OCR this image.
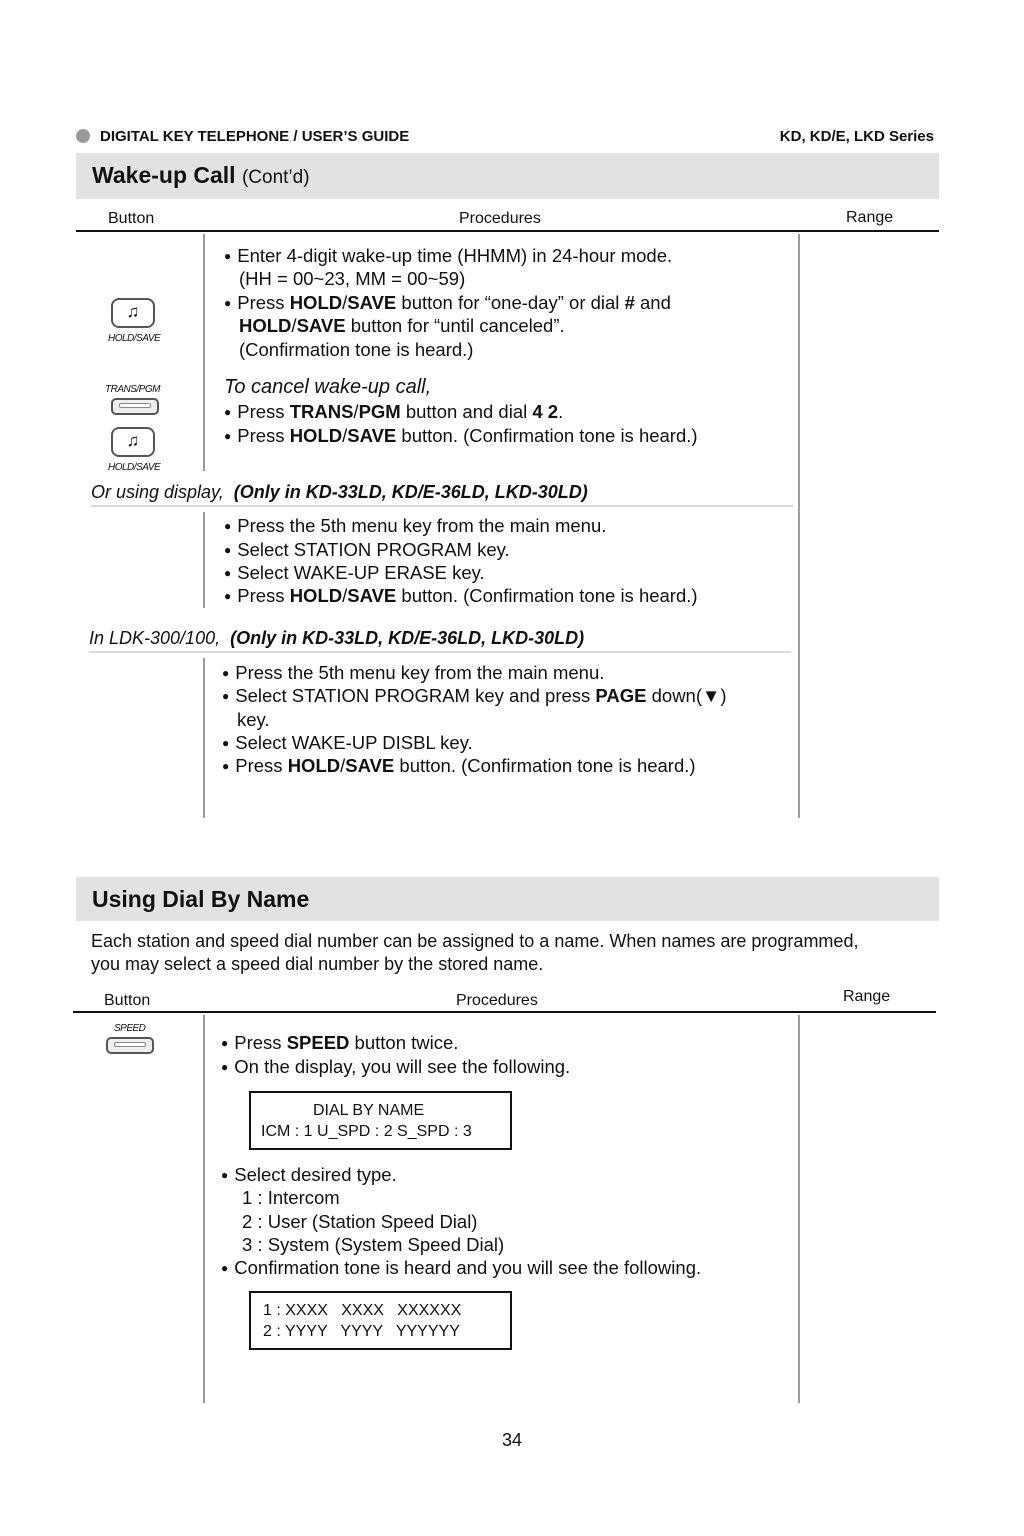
DIGITAL KEY TELEPHONE / USER’S GUIDE	KD, KD/E, LKD Series
Wake-up Call (Cont’d)
Button	Procedures	Range
♫
HOLD/SAVE
TRANS/PGM
♫
HOLD/SAVE
● Enter 4-digit wake-up time (HHMM) in 24-hour mode.
(HH = 00~23, MM = 00~59)
● Press HOLD/SAVE button for “one-day” or dial # and
HOLD/SAVE button for “until canceled”.
(Confirmation tone is heard.)
To cancel wake-up call,
● Press TRANS/PGM button and dial 4 2.
● Press HOLD/SAVE button. (Confirmation tone is heard.)
Or using display, (Only in KD-33LD, KD/E-36LD, LKD-30LD)
● Press the 5th menu key from the main menu.
● Select STATION PROGRAM key.
● Select WAKE-UP ERASE key.
● Press HOLD/SAVE button. (Confirmation tone is heard.)
In LDK-300/100, (Only in KD-33LD, KD/E-36LD, LKD-30LD)
● Press the 5th menu key from the main menu.
● Select STATION PROGRAM key and press PAGE down(▼)
key.
● Select WAKE-UP DISBL key.
● Press HOLD/SAVE button. (Confirmation tone is heard.)
Using Dial By Name
Each station and speed dial number can be assigned to a name. When names are programmed,
you may select a speed dial number by the stored name.
Button	Procedures	Range
SPEED
● Press SPEED button twice.
● On the display, you will see the following.
DIAL BY NAME
ICM : 1 U_SPD : 2 S_SPD : 3
● Select desired type.
1 : Intercom
2 : User (Station Speed Dial)
3 : System (System Speed Dial)
● Confirmation tone is heard and you will see the following.
1 : XXXX   XXXX   XXXXXX
2 : YYYY   YYYY   YYYYYY
34
